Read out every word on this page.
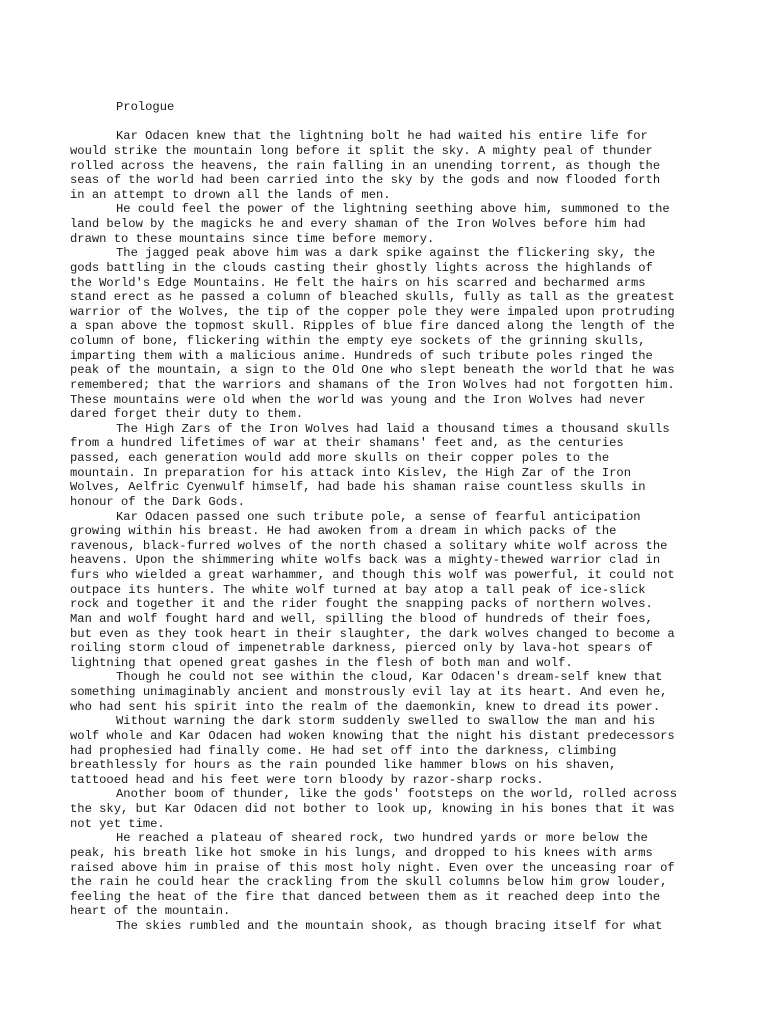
Prologue
Kar Odacen knew that the lightning bolt he had waited his entire life for
would strike the mountain long before it split the sky. A mighty peal of thunder
rolled across the heavens, the rain falling in an unending torrent, as though the
seas of the world had been carried into the sky by the gods and now flooded forth
in an attempt to drown all the lands of men.
He could feel the power of the lightning seething above him, summoned to the
land below by the magicks he and every shaman of the Iron Wolves before him had
drawn to these mountains since time before memory.
The jagged peak above him was a dark spike against the flickering sky, the
gods battling in the clouds casting their ghostly lights across the highlands of
the World's Edge Mountains. He felt the hairs on his scarred and becharmed arms
stand erect as he passed a column of bleached skulls, fully as tall as the greatest
warrior of the Wolves, the tip of the copper pole they were impaled upon protruding
a span above the topmost skull. Ripples of blue fire danced along the length of the
column of bone, flickering within the empty eye sockets of the grinning skulls,
imparting them with a malicious anime. Hundreds of such tribute poles ringed the
peak of the mountain, a sign to the Old One who slept beneath the world that he was
remembered; that the warriors and shamans of the Iron Wolves had not forgotten him.
These mountains were old when the world was young and the Iron Wolves had never
dared forget their duty to them.
The High Zars of the Iron Wolves had laid a thousand times a thousand skulls
from a hundred lifetimes of war at their shamans' feet and, as the centuries
passed, each generation would add more skulls on their copper poles to the
mountain. In preparation for his attack into Kislev, the High Zar of the Iron
Wolves, Aelfric Cyenwulf himself, had bade his shaman raise countless skulls in
honour of the Dark Gods.
Kar Odacen passed one such tribute pole, a sense of fearful anticipation
growing within his breast. He had awoken from a dream in which packs of the
ravenous, black-furred wolves of the north chased a solitary white wolf across the
heavens. Upon the shimmering white wolfs back was a mighty-thewed warrior clad in
furs who wielded a great warhammer, and though this wolf was powerful, it could not
outpace its hunters. The white wolf turned at bay atop a tall peak of ice-slick
rock and together it and the rider fought the snapping packs of northern wolves.
Man and wolf fought hard and well, spilling the blood of hundreds of their foes,
but even as they took heart in their slaughter, the dark wolves changed to become a
roiling storm cloud of impenetrable darkness, pierced only by lava-hot spears of
lightning that opened great gashes in the flesh of both man and wolf.
Though he could not see within the cloud, Kar Odacen's dream-self knew that
something unimaginably ancient and monstrously evil lay at its heart. And even he,
who had sent his spirit into the realm of the daemonkin, knew to dread its power.
Without warning the dark storm suddenly swelled to swallow the man and his
wolf whole and Kar Odacen had woken knowing that the night his distant predecessors
had prophesied had finally come. He had set off into the darkness, climbing
breathlessly for hours as the rain pounded like hammer blows on his shaven,
tattooed head and his feet were torn bloody by razor-sharp rocks.
Another boom of thunder, like the gods' footsteps on the world, rolled across
the sky, but Kar Odacen did not bother to look up, knowing in his bones that it was
not yet time.
He reached a plateau of sheared rock, two hundred yards or more below the
peak, his breath like hot smoke in his lungs, and dropped to his knees with arms
raised above him in praise of this most holy night. Even over the unceasing roar of
the rain he could hear the crackling from the skull columns below him grow louder,
feeling the heat of the fire that danced between them as it reached deep into the
heart of the mountain.
The skies rumbled and the mountain shook, as though bracing itself for what
